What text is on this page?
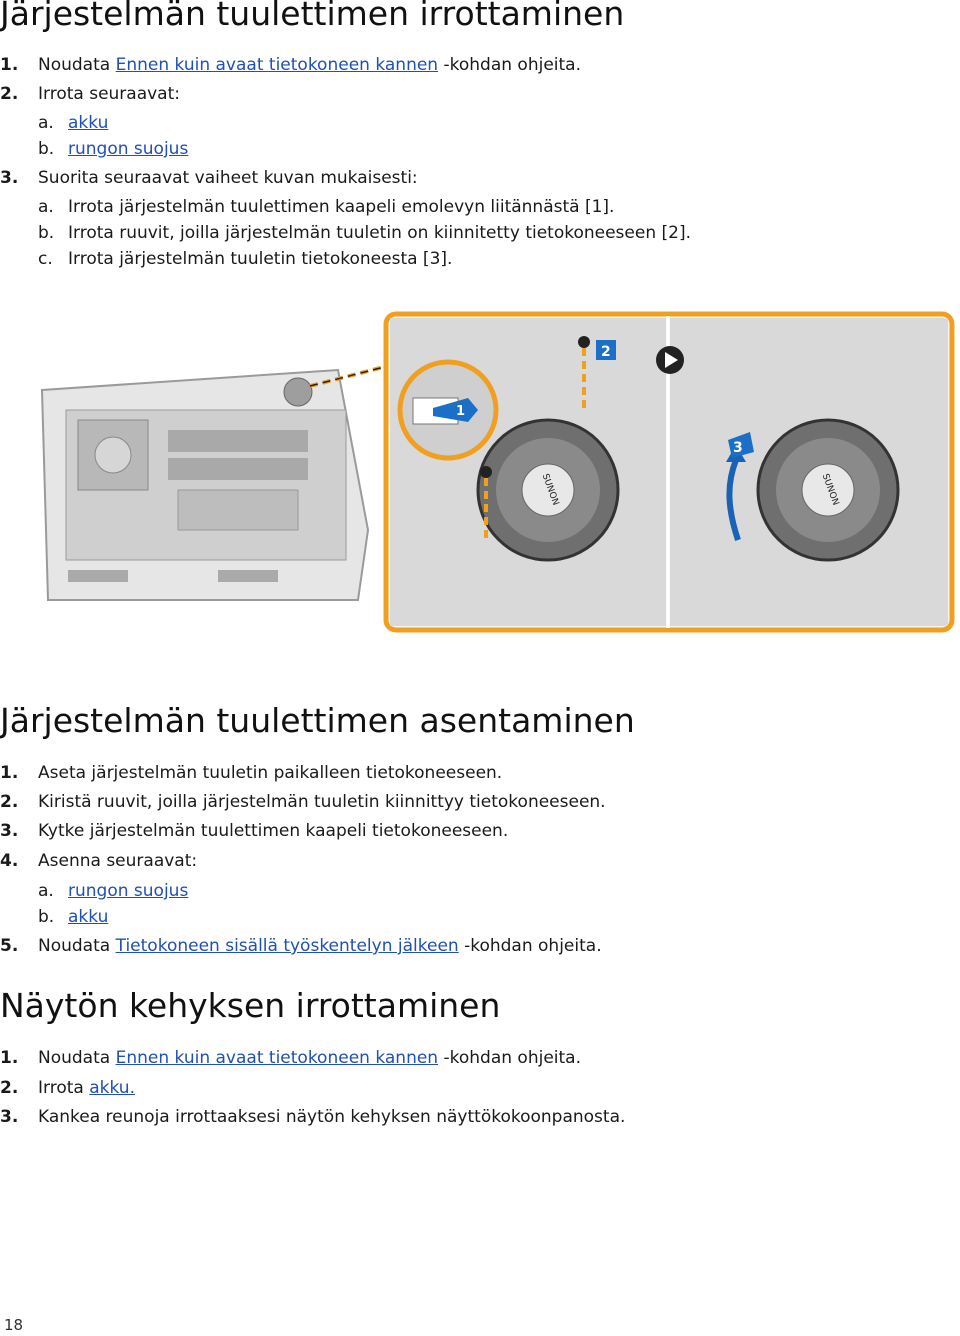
Järjestelmän tuulettimen irrottaminen
1. Noudata Ennen kuin avaat tietokoneen kannen -kohdan ohjeita.
2. Irrota seuraavat:
a. akku
b. rungon suojus
3. Suorita seuraavat vaiheet kuvan mukaisesti:
a. Irrota järjestelmän tuulettimen kaapeli emolevyn liitännästä [1].
b. Irrota ruuvit, joilla järjestelmän tuuletin on kiinnitetty tietokoneeseen [2].
c. Irrota järjestelmän tuuletin tietokoneesta [3].
SUNON	SUNON
1
2
3
Järjestelmän tuulettimen asentaminen
1. Aseta järjestelmän tuuletin paikalleen tietokoneeseen.
2. Kiristä ruuvit, joilla järjestelmän tuuletin kiinnittyy tietokoneeseen.
3. Kytke järjestelmän tuulettimen kaapeli tietokoneeseen.
4. Asenna seuraavat:
a. rungon suojus
b. akku
5. Noudata Tietokoneen sisällä työskentelyn jälkeen -kohdan ohjeita.
Näytön kehyksen irrottaminen
1. Noudata Ennen kuin avaat tietokoneen kannen -kohdan ohjeita.
2. Irrota akku.
3. Kankea reunoja irrottaaksesi näytön kehyksen näyttökokoonpanosta.
18
